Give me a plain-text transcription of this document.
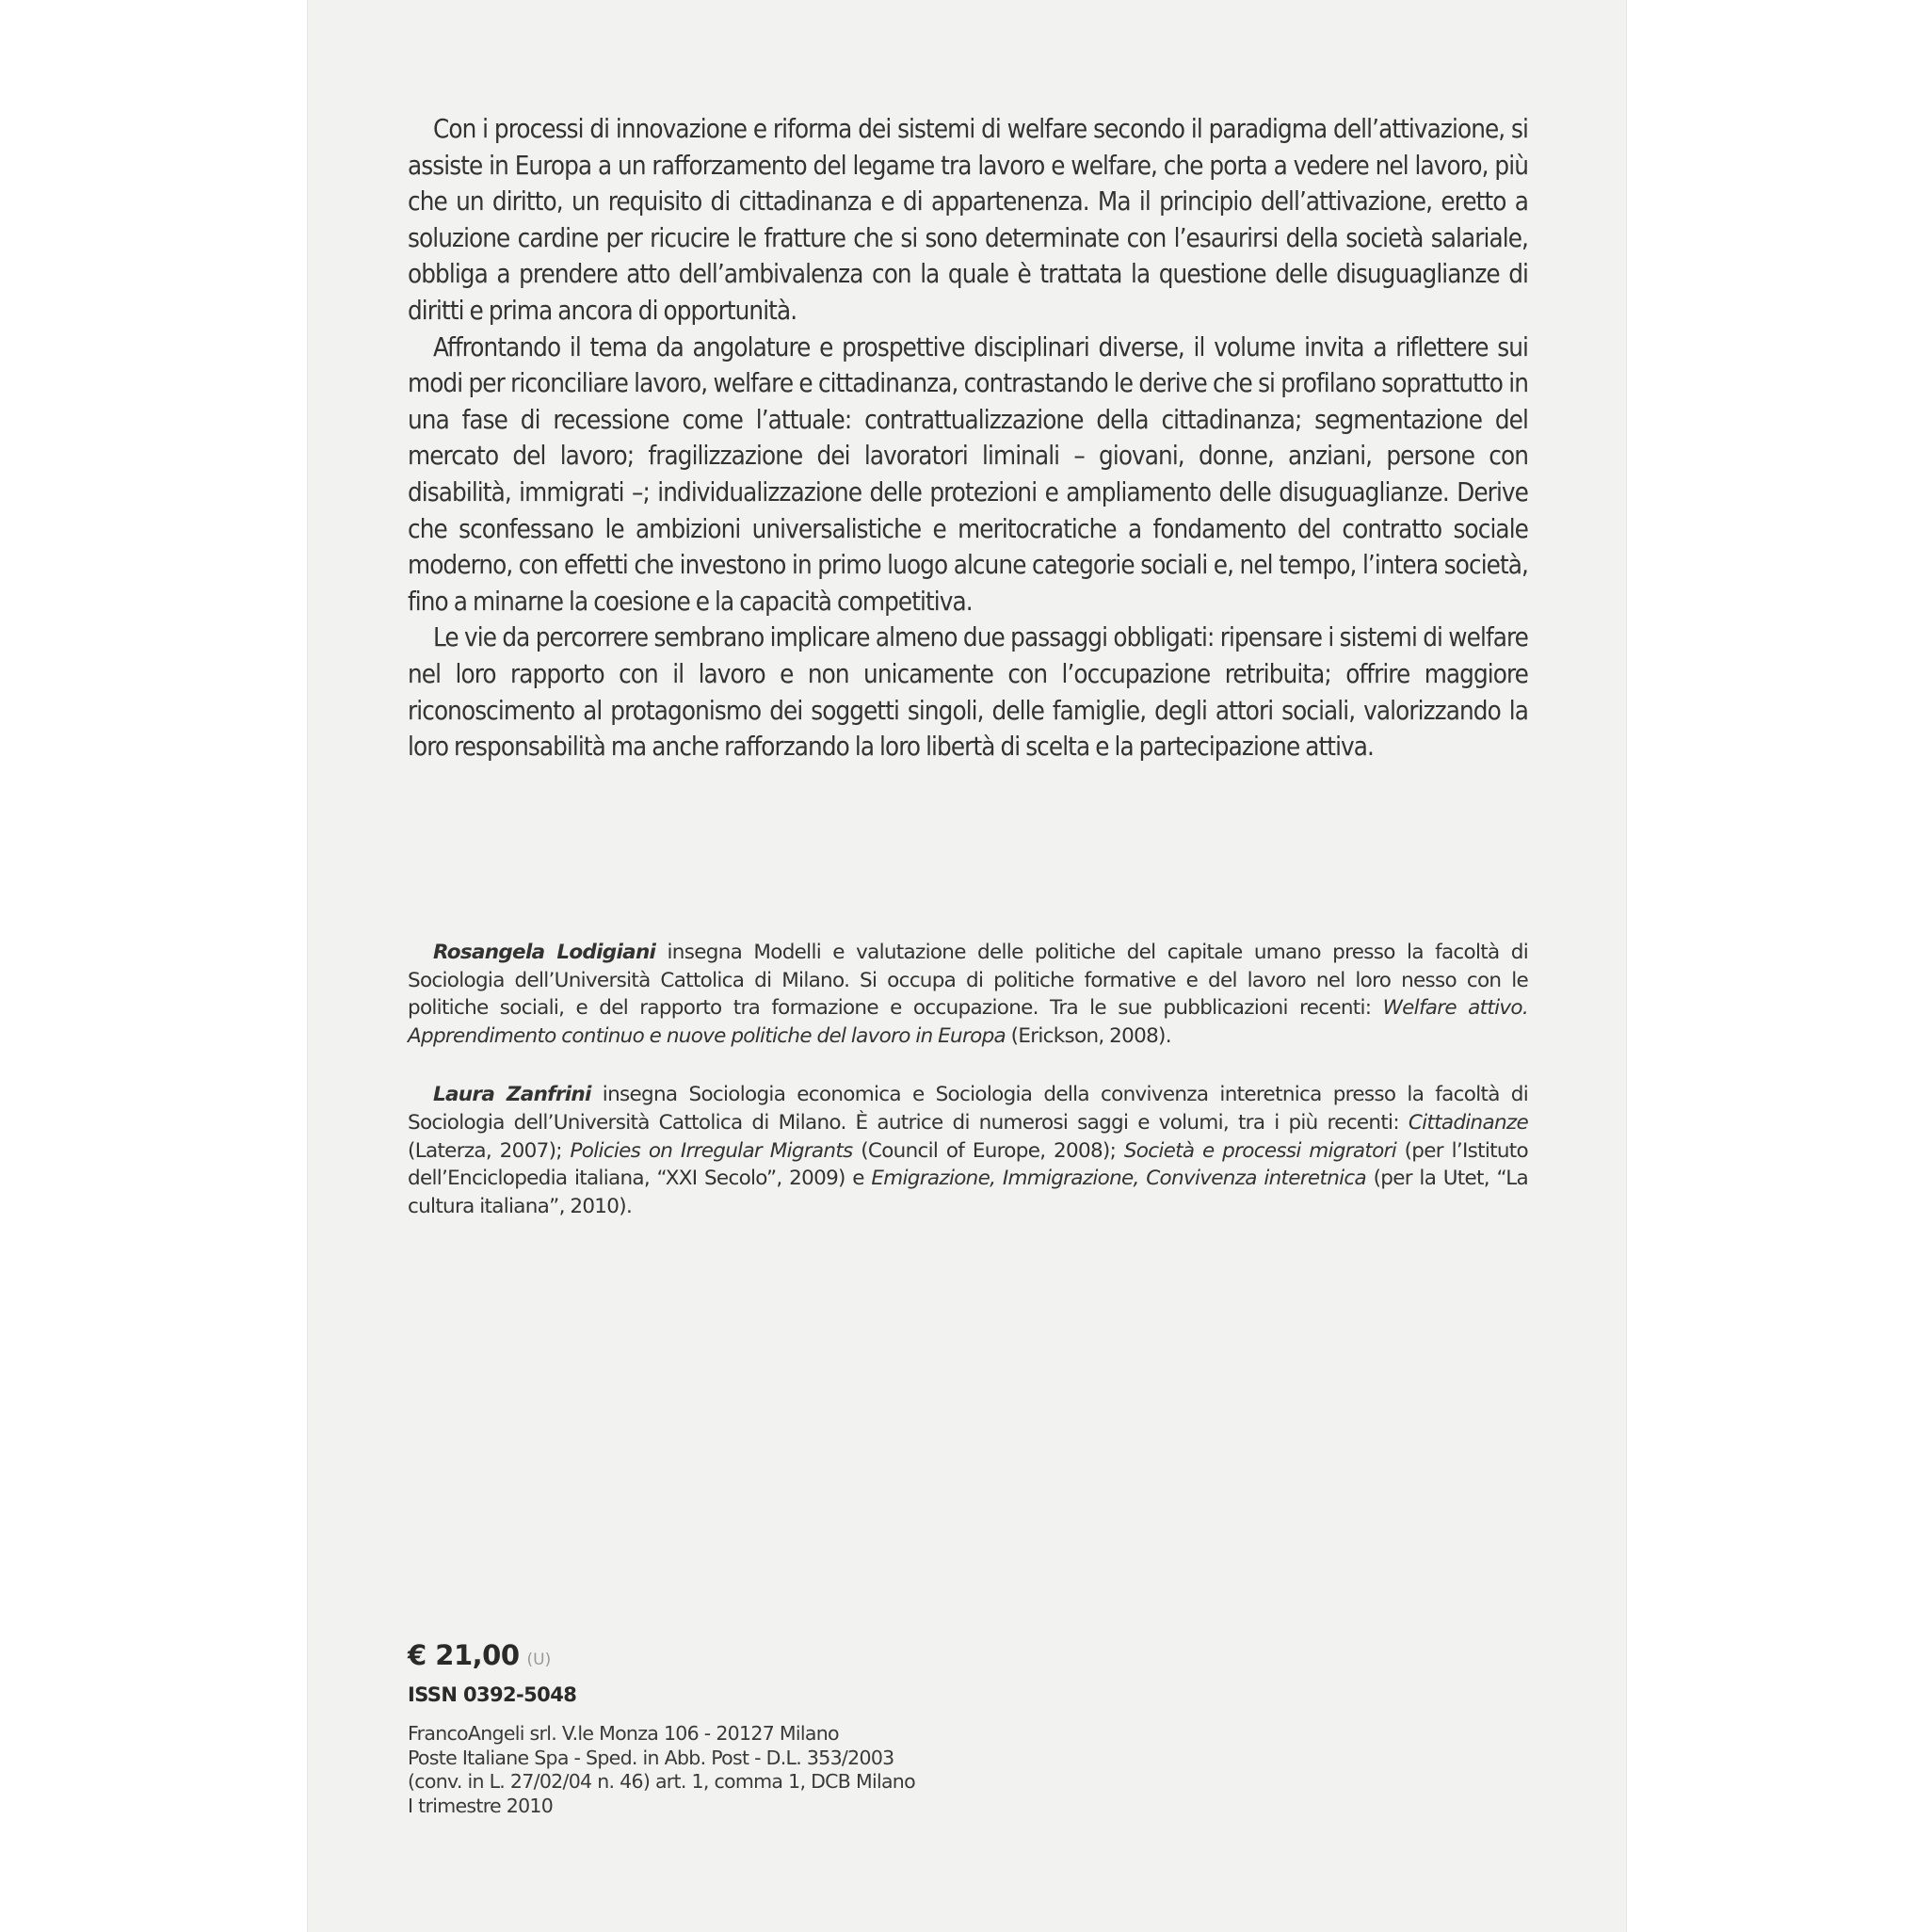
Con i processi di innovazione e riforma dei sistemi di welfare secondo il paradigma dell’attivazione, si assiste in Europa a un rafforzamento del legame tra lavoro e welfare, che porta a vedere nel lavoro, più che un diritto, un requisito di cittadinanza e di appartenenza. Ma il principio dell’attivazione, eretto a soluzione cardine per ricucire le fratture che si sono determinate con l’esaurirsi della società salariale, obbliga a prendere atto dell’ambivalenza con la quale è trattata la questione delle disuguaglianze di diritti e prima ancora di opportunità.

Affrontando il tema da angolature e prospettive disciplinari diverse, il volume invita a riflettere sui modi per riconciliare lavoro, welfare e cittadinanza, contrastando le derive che si profilano soprattutto in una fase di recessione come l’attuale: contrattualizzazione della cittadinanza; segmentazione del mercato del lavoro; fragilizzazione dei lavoratori liminali – giovani, donne, anziani, persone con disabilità, immigrati –; individualizzazione delle protezioni e ampliamento delle disuguaglianze. Derive che sconfessano le ambizioni universalistiche e meritocratiche a fondamento del contratto sociale moderno, con effetti che investono in primo luogo alcune categorie sociali e, nel tempo, l’intera società, fino a minarne la coesione e la capacità competitiva.

Le vie da percorrere sembrano implicare almeno due passaggi obbligati: ripensare i sistemi di welfare nel loro rapporto con il lavoro e non unicamente con l’occupazione retribuita; offrire maggiore riconoscimento al protagonismo dei soggetti singoli, delle famiglie, degli attori sociali, valorizzando la loro responsabilità ma anche rafforzando la loro libertà di scelta e la partecipazione attiva.

Rosangela Lodigiani insegna Modelli e valutazione delle politiche del capitale umano presso la facoltà di Sociologia dell’Università Cattolica di Milano. Si occupa di politiche formative e del lavoro nel loro nesso con le politiche sociali, e del rapporto tra formazione e occupazione. Tra le sue pubblicazioni recenti: Welfare attivo. Apprendimento continuo e nuove politiche del lavoro in Europa (Erickson, 2008).

Laura Zanfrini insegna Sociologia economica e Sociologia della convivenza interetnica presso la facoltà di Sociologia dell’Università Cattolica di Milano. È autrice di numerosi saggi e volumi, tra i più recenti: Cittadinanze (Laterza, 2007); Policies on Irregular Migrants (Council of Europe, 2008); Società e processi migratori (per l’Istituto dell’Enciclopedia italiana, “XXI Secolo”, 2009) e Emigrazione, Immigrazione, Convivenza interetnica (per la Utet, “La cultura italiana”, 2010).

€ 21,00 (U)
ISSN 0392-5048
FrancoAngeli srl. V.le Monza 106 - 20127 Milano
Poste Italiane Spa - Sped. in Abb. Post - D.L. 353/2003
(conv. in L. 27/02/04 n. 46) art. 1, comma 1, DCB Milano
I trimestre 2010
